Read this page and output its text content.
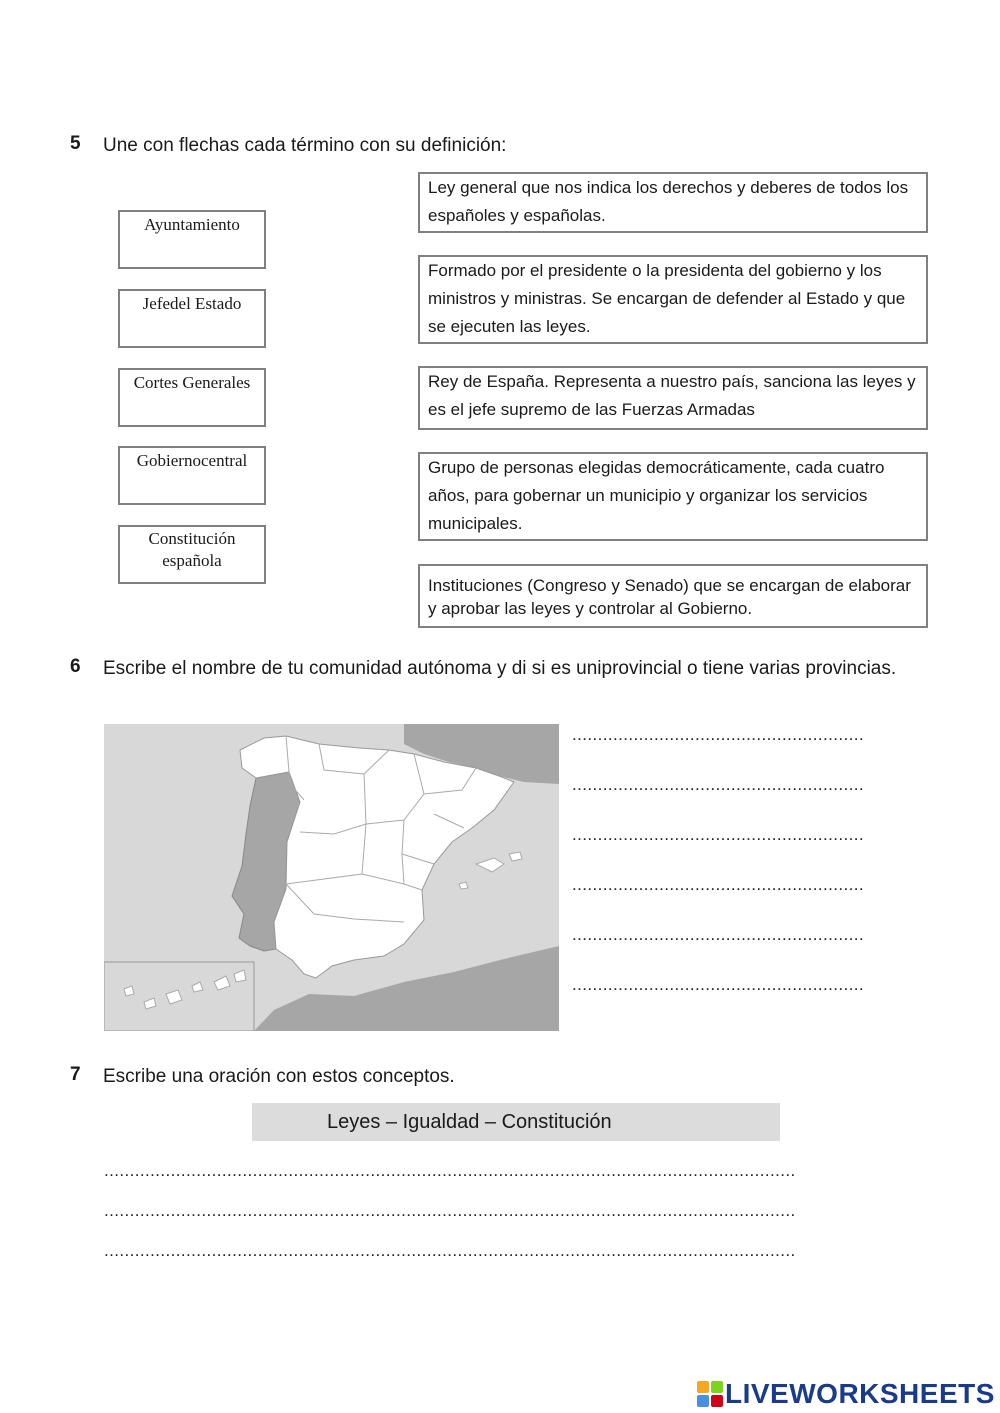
5 Une con flechas cada término con su definición:
Ayuntamiento
Jefedel Estado
Cortes Generales
Gobiernocentral
Constitución española
Ley general que nos indica los derechos y deberes de todos los españoles y españolas.
Formado por el presidente o la presidenta del gobierno y los ministros y ministras. Se encargan de defender al Estado y que se ejecuten las leyes.
Rey de España. Representa a nuestro país, sanciona las leyes y es el jefe supremo de las Fuerzas Armadas
Grupo de personas elegidas democráticamente, cada cuatro años, para gobernar un municipio y organizar los servicios municipales.
Instituciones (Congreso y Senado) que se encargan de elaborar y aprobar las leyes y controlar al Gobierno.
6 Escribe el nombre de tu comunidad autónoma y di si es uniprovincial o tiene varias provincias.
.........................................................
.........................................................
.........................................................
.........................................................
.........................................................
.........................................................
7 Escribe una oración con estos conceptos.
Leyes – Igualdad – Constitución
.......................................................................................................................................
.......................................................................................................................................
.......................................................................................................................................
LIVEWORKSHEETS
